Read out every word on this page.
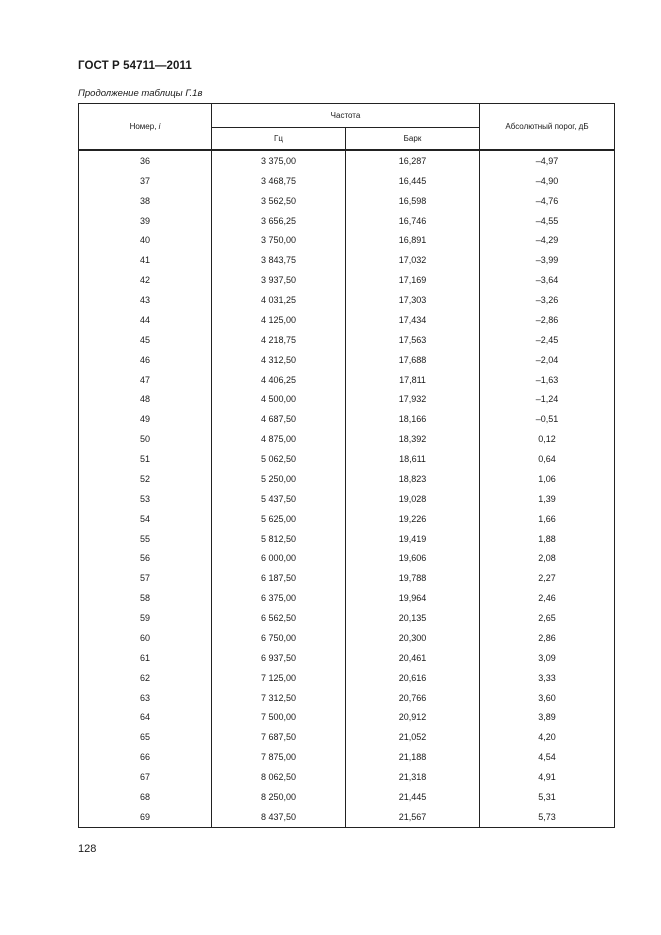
ГОСТ Р 54711—2011
Продолжение таблицы Г.1в
Номер, i	Частота		Абсолютный порог, дБ
	Гц	Барк	
36	3 375,00	16,287	–4,97
37	3 468,75	16,445	–4,90
38	3 562,50	16,598	–4,76
39	3 656,25	16,746	–4,55
40	3 750,00	16,891	–4,29
41	3 843,75	17,032	–3,99
42	3 937,50	17,169	–3,64
43	4 031,25	17,303	–3,26
44	4 125,00	17,434	–2,86
45	4 218,75	17,563	–2,45
46	4 312,50	17,688	–2,04
47	4 406,25	17,811	–1,63
48	4 500,00	17,932	–1,24
49	4 687,50	18,166	–0,51
50	4 875,00	18,392	0,12
51	5 062,50	18,611	0,64
52	5 250,00	18,823	1,06
53	5 437,50	19,028	1,39
54	5 625,00	19,226	1,66
55	5 812,50	19,419	1,88
56	6 000,00	19,606	2,08
57	6 187,50	19,788	2,27
58	6 375,00	19,964	2,46
59	6 562,50	20,135	2,65
60	6 750,00	20,300	2,86
61	6 937,50	20,461	3,09
62	7 125,00	20,616	3,33
63	7 312,50	20,766	3,60
64	7 500,00	20,912	3,89
65	7 687,50	21,052	4,20
66	7 875,00	21,188	4,54
67	8 062,50	21,318	4,91
68	8 250,00	21,445	5,31
69	8 437,50	21,567	5,73
128
